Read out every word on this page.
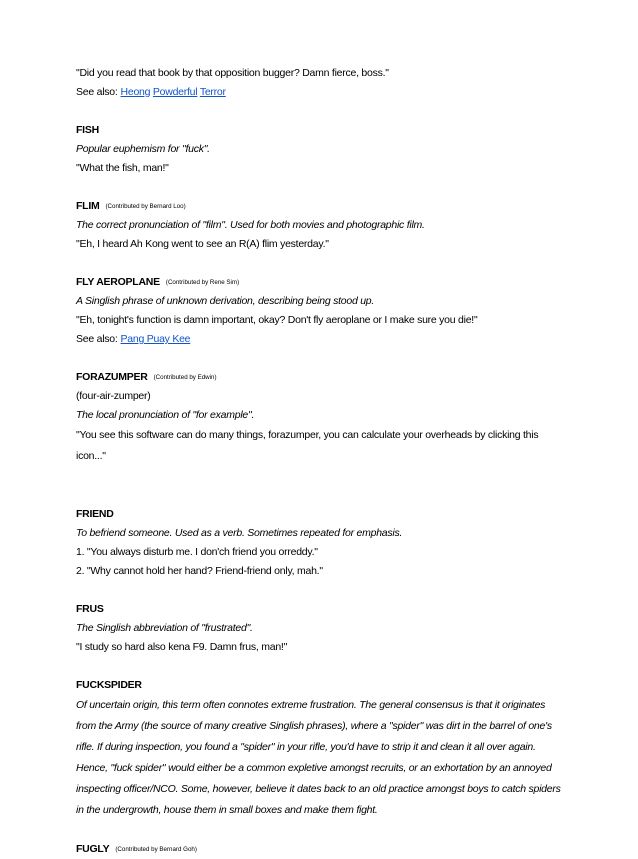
"Did you read that book by that opposition bugger? Damn fierce, boss."
See also: Heong Powderful Terror
FISH
Popular euphemism for "fuck".
"What the fish, man!"
FLIM (Contributed by Bernard Loo)
The correct pronunciation of "film". Used for both movies and photographic film.
"Eh, I heard Ah Kong went to see an R(A) flim yesterday."
FLY AEROPLANE (Contributed by Rene Sim)
A Singlish phrase of unknown derivation, describing being stood up.
"Eh, tonight's function is damn important, okay? Don't fly aeroplane or I make sure you die!"
See also: Pang Puay Kee
FORAZUMPER (Contributed by Edwin)
(four-air-zumper)
The local pronunciation of "for example".
"You see this software can do many things, forazumper, you can calculate your overheads by clicking this icon..."
FRIEND
To befriend someone. Used as a verb. Sometimes repeated for emphasis.
1. "You always disturb me. I don'ch friend you orreddy."
2. "Why cannot hold her hand? Friend-friend only, mah."
FRUS
The Singlish abbreviation of "frustrated".
"I study so hard also kena F9. Damn frus, man!"
FUCKSPIDER
Of uncertain origin, this term often connotes extreme frustration. The general consensus is that it originates from the Army (the source of many creative Singlish phrases), where a "spider" was dirt in the barrel of one's rifle. If during inspection, you found a "spider" in your rifle, you'd have to strip it and clean it all over again. Hence, "fuck spider" would either be a common expletive amongst recruits, or an exhortation by an annoyed inspecting officer/NCO. Some, however, believe it dates back to an old practice amongst boys to catch spiders in the undergrowth, house them in small boxes and make them fight.
FUGLY (Contributed by Bernard Goh)
